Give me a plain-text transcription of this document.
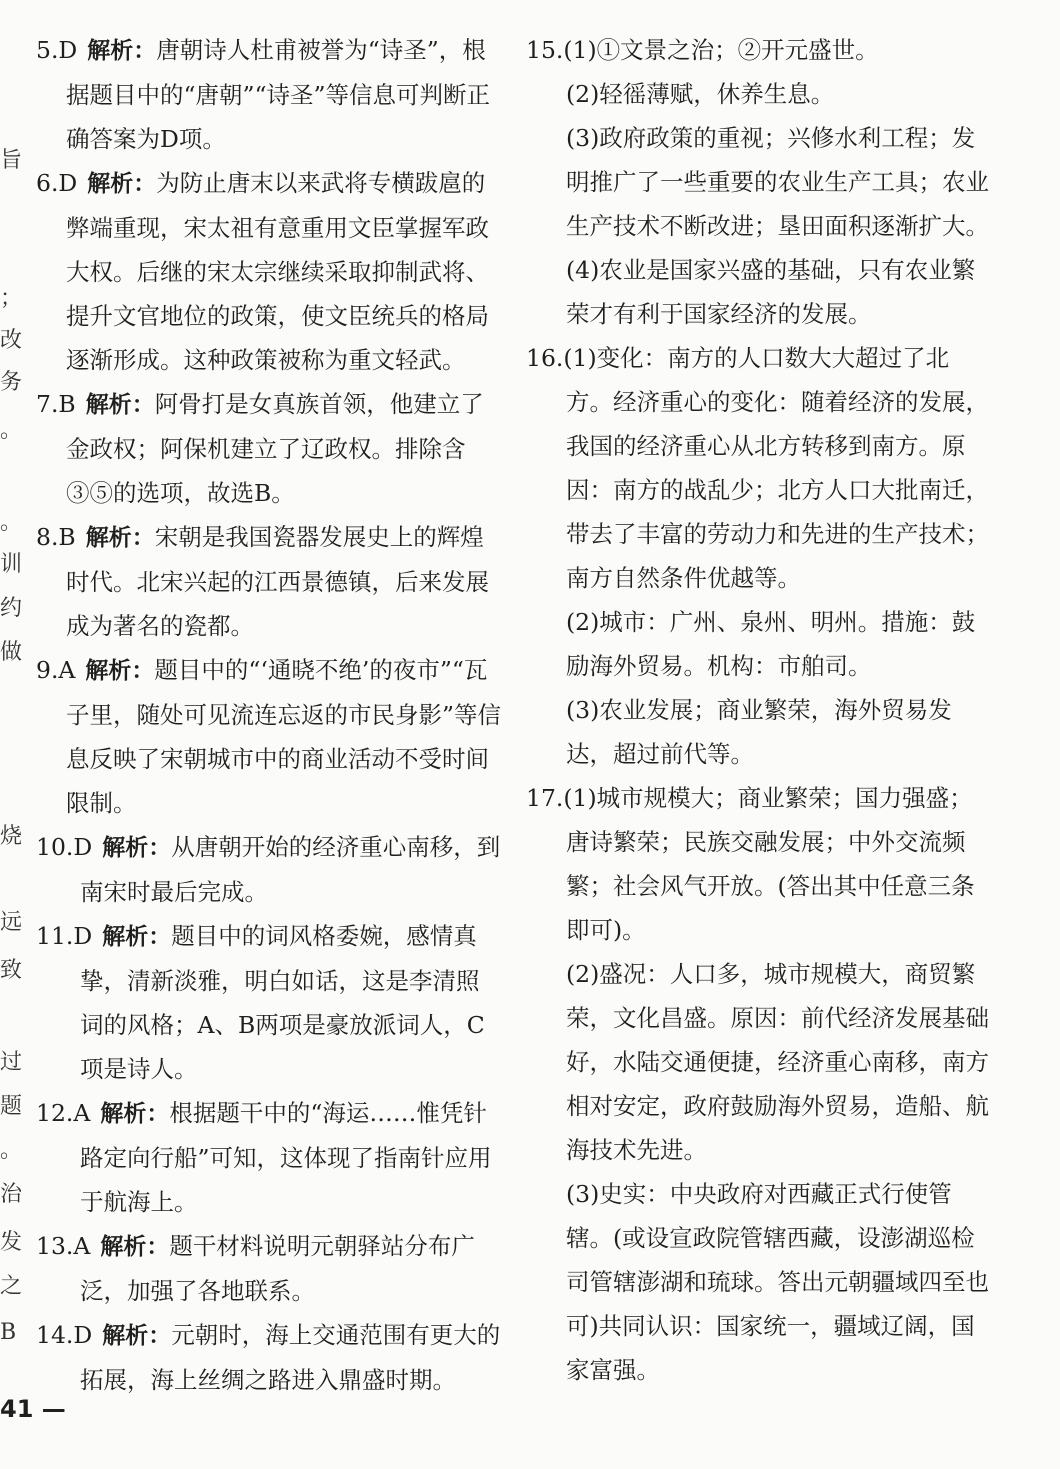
旨
；
改
务
。
。
训
约
做
烧
远
致
过
题
。
治
发
之
B

5.D 解析：唐朝诗人杜甫被誉为“诗圣”，根据题目中的“唐朝”“诗圣”等信息可判断正确答案为D项。

6.D 解析：为防止唐末以来武将专横跋扈的弊端重现，宋太祖有意重用文臣掌握军政大权。后继的宋太宗继续采取抑制武将、提升文官地位的政策，使文臣统兵的格局逐渐形成。这种政策被称为重文轻武。

7.B 解析：阿骨打是女真族首领，他建立了金政权；阿保机建立了辽政权。排除含③⑤的选项，故选B。

8.B 解析：宋朝是我国瓷器发展史上的辉煌时代。北宋兴起的江西景德镇，后来发展成为著名的瓷都。

9.A 解析：题目中的“‘通晓不绝’的夜市”“瓦子里，随处可见流连忘返的市民身影”等信息反映了宋朝城市中的商业活动不受时间限制。

10.D 解析：从唐朝开始的经济重心南移，到南宋时最后完成。

11.D 解析：题目中的词风格委婉，感情真挚，清新淡雅，明白如话，这是李清照词的风格；A、B两项是豪放派词人，C项是诗人。

12.A 解析：根据题干中的“海运……惟凭针路定向行船”可知，这体现了指南针应用于航海上。

13.A 解析：题干材料说明元朝驿站分布广泛，加强了各地联系。

14.D 解析：元朝时，海上交通范围有更大的拓展，海上丝绸之路进入鼎盛时期。

15.(1)①文景之治；②开元盛世。

(2)轻徭薄赋，休养生息。

(3)政府政策的重视；兴修水利工程；发明推广了一些重要的农业生产工具；农业生产技术不断改进；垦田面积逐渐扩大。

(4)农业是国家兴盛的基础，只有农业繁荣才有利于国家经济的发展。

16.(1)变化：南方的人口数大大超过了北方。经济重心的变化：随着经济的发展，我国的经济重心从北方转移到南方。原因：南方的战乱少；北方人口大批南迁，带去了丰富的劳动力和先进的生产技术；南方自然条件优越等。

(2)城市：广州、泉州、明州。措施：鼓励海外贸易。机构：市舶司。

(3)农业发展；商业繁荣，海外贸易发达，超过前代等。

17.(1)城市规模大；商业繁荣；国力强盛；唐诗繁荣；民族交融发展；中外交流频繁；社会风气开放。(答出其中任意三条即可)。

(2)盛况：人口多，城市规模大，商贸繁荣，文化昌盛。原因：前代经济发展基础好，水陆交通便捷，经济重心南移，南方相对安定，政府鼓励海外贸易，造船、航海技术先进。

(3)史实：中央政府对西藏正式行使管辖。(或设宣政院管辖西藏，设澎湖巡检司管辖澎湖和琉球。答出元朝疆域四至也可)共同认识：国家统一，疆域辽阔，国家富强。

41 —
